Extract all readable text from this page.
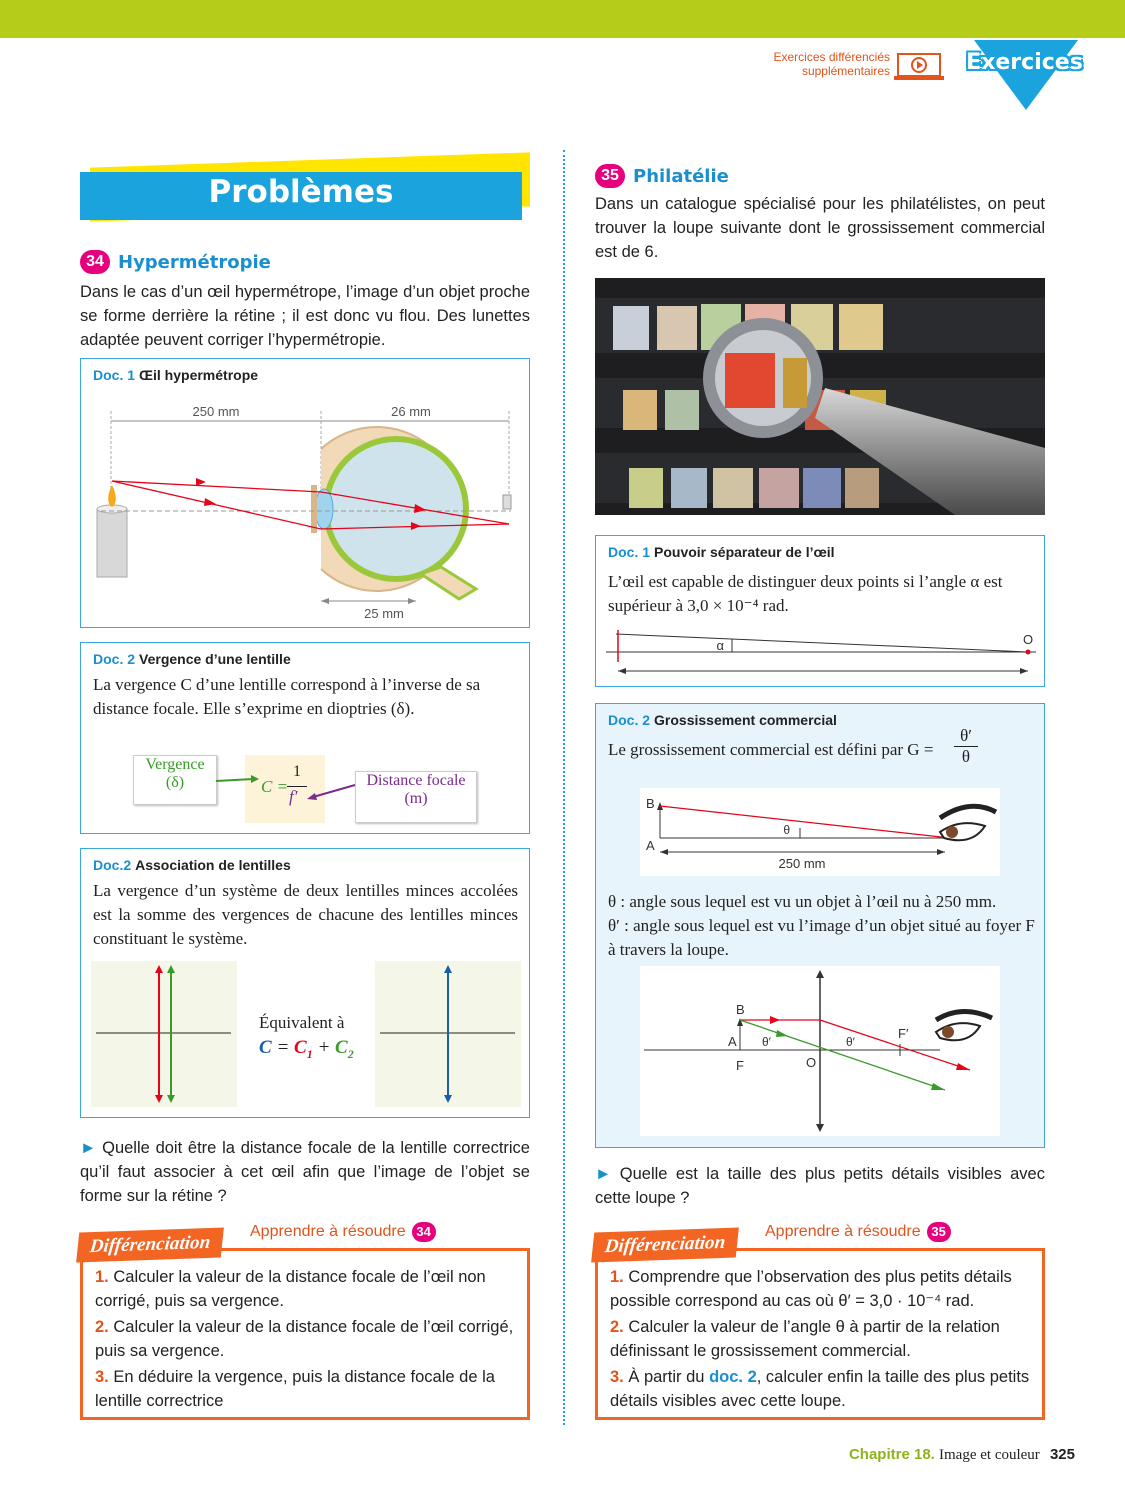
Exercices différenciés supplémentaires	Exercices
Problèmes
34 Hypermétropie
Dans le cas d’un œil hypermétrope, l’image d’un objet proche se forme derrière la rétine ; il est donc vu flou. Des lunettes adaptée peuvent corriger l’hypermétropie.
Doc. 1 Œil hypermétrope
250 mm	26 mm
25 mm
Doc. 2 Vergence d’une lentille
La vergence C d’une lentille correspond à l’inverse de sa distance focale. Elle s’exprime en dioptries (δ).
Vergence
(δ)	C =
1
f′
Distance focale
(m)
Doc.2 Association de lentilles
La vergence d’un système de deux lentilles minces accolées est la somme des vergences de chacune des lentilles minces constituant le système.
Équivalent à
$C = C_1 + C_2$
► Quelle doit être la distance focale de la lentille correctrice qu’il faut associer à cet œil afin que l’image de l’objet se forme sur la rétine ?
1. Calculer la valeur de la distance focale de l’œil non corrigé, puis sa vergence.
2. Calculer la valeur de la distance focale de l’œil corrigé, puis sa vergence.
3. En déduire la vergence, puis la distance focale de la lentille correctrice
Différenciation
Apprendre à résoudre 34
35 Philatélie
Dans un catalogue spécialisé pour les philatélistes, on peut trouver la loupe suivante dont le grossissement commercial est de 6.
Doc. 1 Pouvoir séparateur de l’œil
L’œil est capable de distinguer deux points si l’angle α est supérieur à 3,0 × 10⁻⁴ rad.
α	O
Doc. 2 Grossissement commercial
Le grossissement commercial est défini par $G = \frac{\theta'}{\theta}$
B
A
θ
250 mm
θ : angle sous lequel est vu un objet à l’œil nu à 250 mm.
θ′ : angle sous lequel est vu l’image d’un objet situé au foyer F à travers la loupe.
B
A
F	O
F′
θ′	θ′
► Quelle est la taille des plus petits détails visibles avec cette loupe ?
1. Comprendre que l’observation des plus petits détails possible correspond au cas où θ′ = 3,0 · 10⁻⁴ rad.
2. Calculer la valeur de l’angle θ à partir de la relation définissant le grossissement commercial.
3. À partir du doc. 2, calculer enfin la taille des plus petits détails visibles avec cette loupe.
Différenciation
Apprendre à résoudre 35
Chapitre 18. Image et couleur 325
